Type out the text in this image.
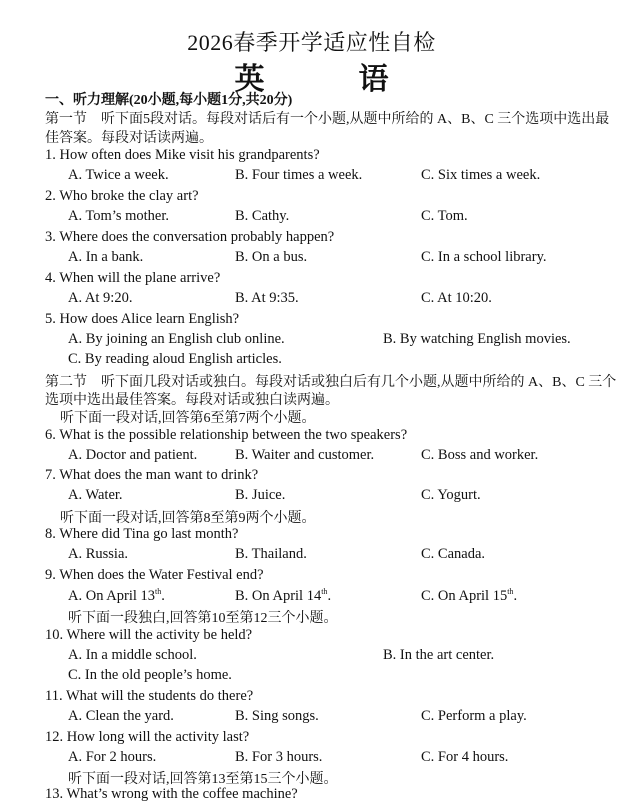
2026春季开学适应性自检
英　语
一、听力理解(20小题,每小题1分,共20分)
第一节　听下面5段对话。每段对话后有一个小题,从题中所给的 A、B、C 三个选项中选出最
佳答案。每段对话读两遍。
1. How often does Mike visit his grandparents?
A. Twice a week.	B. Four times a week.	C. Six times a week.
2. Who broke the clay art?
A. Tom’s mother.	B. Cathy.	C. Tom.
3. Where does the conversation probably happen?
A. In a bank.	B. On a bus.	C. In a school library.
4. When will the plane arrive?
A. At 9:20.	B. At 9:35.	C. At 10:20.
5. How does Alice learn English?
A. By joining an English club online.	B. By watching English movies.
C. By reading aloud English articles.
第二节　听下面几段对话或独白。每段对话或独白后有几个小题,从题中所给的 A、B、C 三个
选项中选出最佳答案。每段对话或独白读两遍。
听下面一段对话,回答第6至第7两个小题。
6. What is the possible relationship between the two speakers?
A. Doctor and patient.	B. Waiter and customer.	C. Boss and worker.
7. What does the man want to drink?
A. Water.	B. Juice.	C. Yogurt.
听下面一段对话,回答第8至第9两个小题。
8. Where did Tina go last month?
A. Russia.	B. Thailand.	C. Canada.
9. When does the Water Festival end?
A. On April 13th.	B. On April 14th.	C. On April 15th.
听下面一段独白,回答第10至第12三个小题。
10. Where will the activity be held?
A. In a middle school.	B. In the art center.
C. In the old people’s home.
11. What will the students do there?
A. Clean the yard.	B. Sing songs.	C. Perform a play.
12. How long will the activity last?
A. For 2 hours.	B. For 3 hours.	C. For 4 hours.
听下面一段对话,回答第13至第15三个小题。
13. What’s wrong with the coffee machine?
